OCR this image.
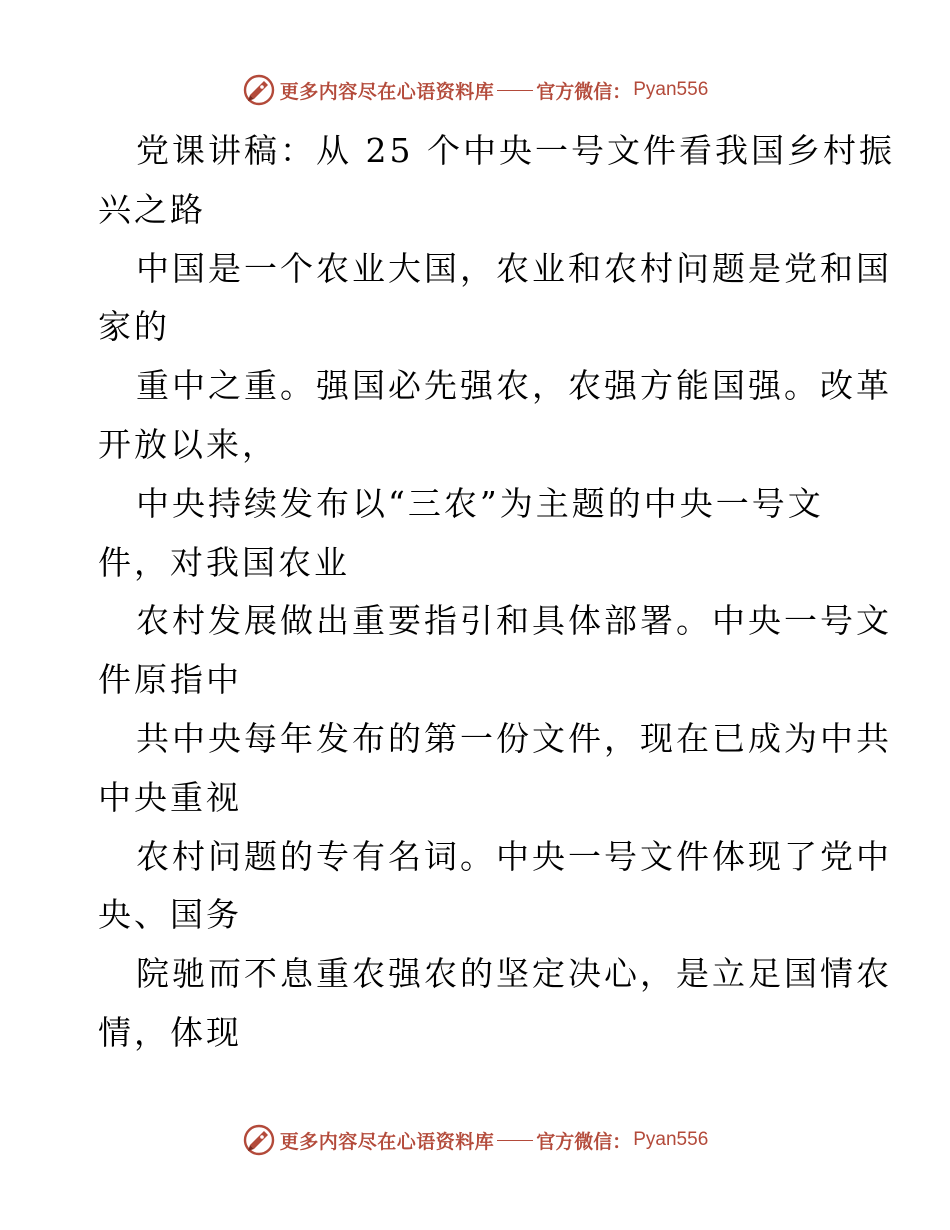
更多内容尽在心语资料库 官方微信： Pyan556
党课讲稿：从 25 个中央一号文件看我国乡村振
兴之路
中国是一个农业大国，农业和农村问题是党和国
家的
重中之重。强国必先强农，农强方能国强。改革
开放以来，
中央持续发布以“三农”为主题的中央一号文
件，对我国农业
农村发展做出重要指引和具体部署。中央一号文
件原指中
共中央每年发布的第一份文件，现在已成为中共
中央重视
农村问题的专有名词。中央一号文件体现了党中
央、国务
院驰而不息重农强农的坚定决心，是立足国情农
情，体现
更多内容尽在心语资料库 官方微信： Pyan556
